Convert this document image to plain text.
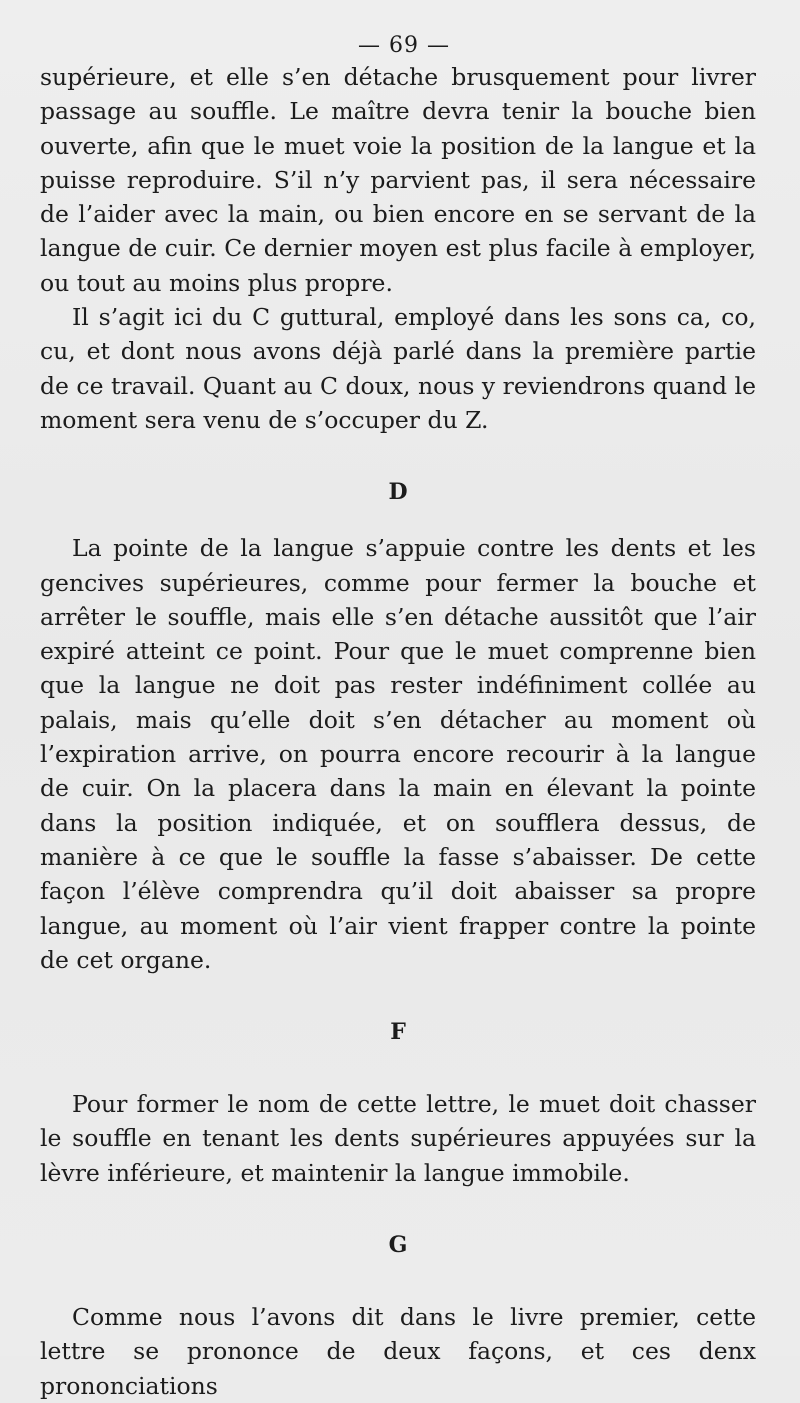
— 69 —

supérieure, et elle s’en détache brusquement pour livrer passage au souffle. Le maître devra tenir la bouche bien ouverte, afin que le muet voie la position de la langue et la puisse reproduire. S’il n’y parvient pas, il sera nécessaire de l’aider avec la main, ou bien encore en se servant de la langue de cuir. Ce dernier moyen est plus facile à employer, ou tout au moins plus propre.

Il s’agit ici du C guttural, employé dans les sons ca, co, cu, et dont nous avons déjà parlé dans la première partie de ce travail. Quant au C doux, nous y reviendrons quand le moment sera venu de s’occuper du Z.

D

La pointe de la langue s’appuie contre les dents et les gencives supérieures, comme pour fermer la bouche et arrêter le souffle, mais elle s’en détache aussitôt que l’air expiré atteint ce point. Pour que le muet comprenne bien que la langue ne doit pas rester indéfiniment collée au palais, mais qu’elle doit s’en détacher au moment où l’expiration arrive, on pourra encore recourir à la langue de cuir. On la placera dans la main en élevant la pointe dans la position indiquée, et on soufflera dessus, de manière à ce que le souffle la fasse s’abaisser. De cette façon l’élève comprendra qu’il doit abaisser sa propre langue, au moment où l’air vient frapper contre la pointe de cet organe.

F

Pour former le nom de cette lettre, le muet doit chasser le souffle en tenant les dents supérieures appuyées sur la lèvre inférieure, et maintenir la langue immobile.

G

Comme nous l’avons dit dans le livre premier, cette lettre se prononce de deux façons, et ces denx prononciations
